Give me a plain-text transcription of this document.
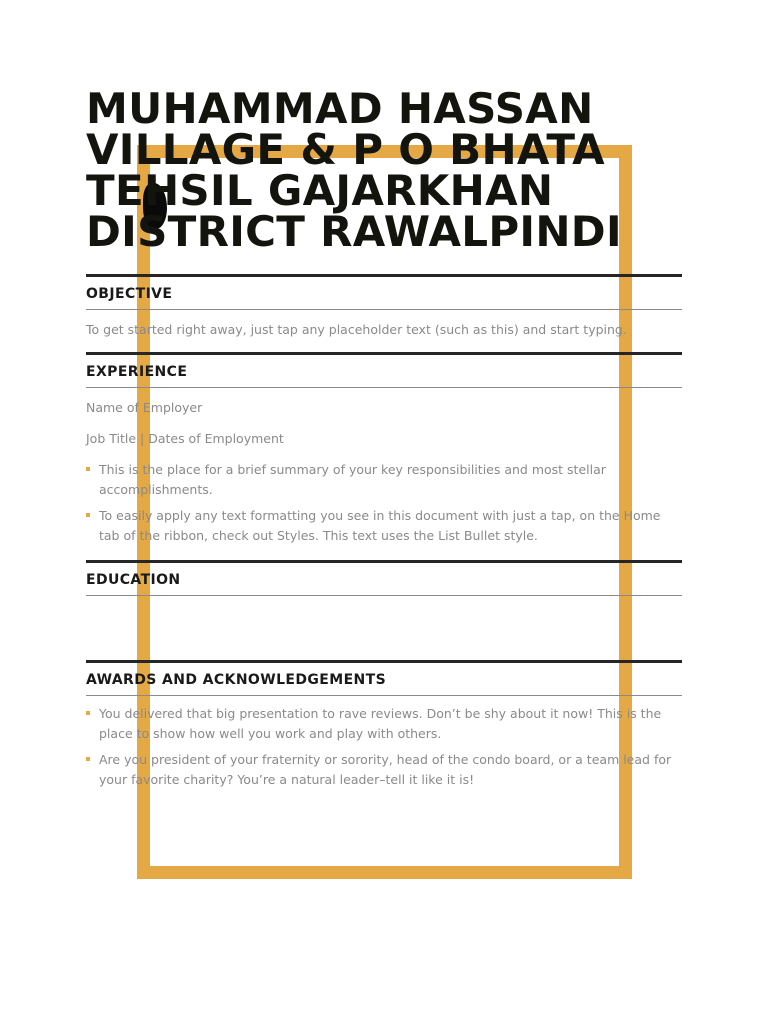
MUHAMMAD HASSAN
VILLAGE & P O BHATA
TEHSIL GAJARKHAN
DISTRICT RAWALPINDI
OBJECTIVE

To get started right away, just tap any placeholder text (such as this) and start typing.

EXPERIENCE

Name of Employer

Job Title | Dates of Employment

This is the place for a brief summary of your key responsibilities and most stellar accomplishments.
To easily apply any text formatting you see in this document with just a tap, on the Home tab of the ribbon, check out Styles. This text uses the List Bullet style.
EDUCATION
AWARDS AND ACKNOWLEDGEMENTS
You delivered that big presentation to rave reviews. Don’t be shy about it now! This is the place to show how well you work and play with others.
Are you president of your fraternity or sorority, head of the condo board, or a team lead for your favorite charity? You’re a natural leader–tell it like it is!
